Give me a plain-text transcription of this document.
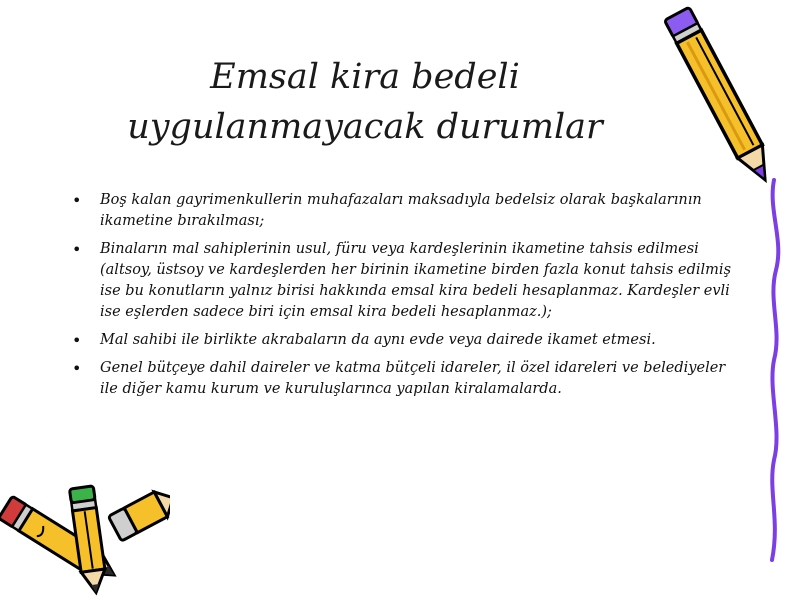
Emsal kira bedeli uygulanmayacak durumlar
• Boş kalan gayrimenkullerin muhafazaları maksadıyla bedelsiz olarak başkalarının ikametine bırakılması;
• Binaların mal sahiplerinin usul, füru veya kardeşlerinin ikametine tahsis edilmesi (altsoy, üstsoy ve kardeşlerden her birinin ikametine birden fazla konut tahsis edilmiş ise bu konutların yalnız birisi hakkında emsal kira bedeli hesaplanmaz. Kardeşler evli ise eşlerden sadece biri için emsal kira bedeli hesaplanmaz.);
• Mal sahibi ile birlikte akrabaların da aynı evde veya dairede ikamet etmesi.
• Genel bütçeye dahil daireler ve katma bütçeli idareler, il özel idareleri ve belediyeler ile diğer kamu kurum ve kuruluşlarınca yapılan kiralamalarda.
